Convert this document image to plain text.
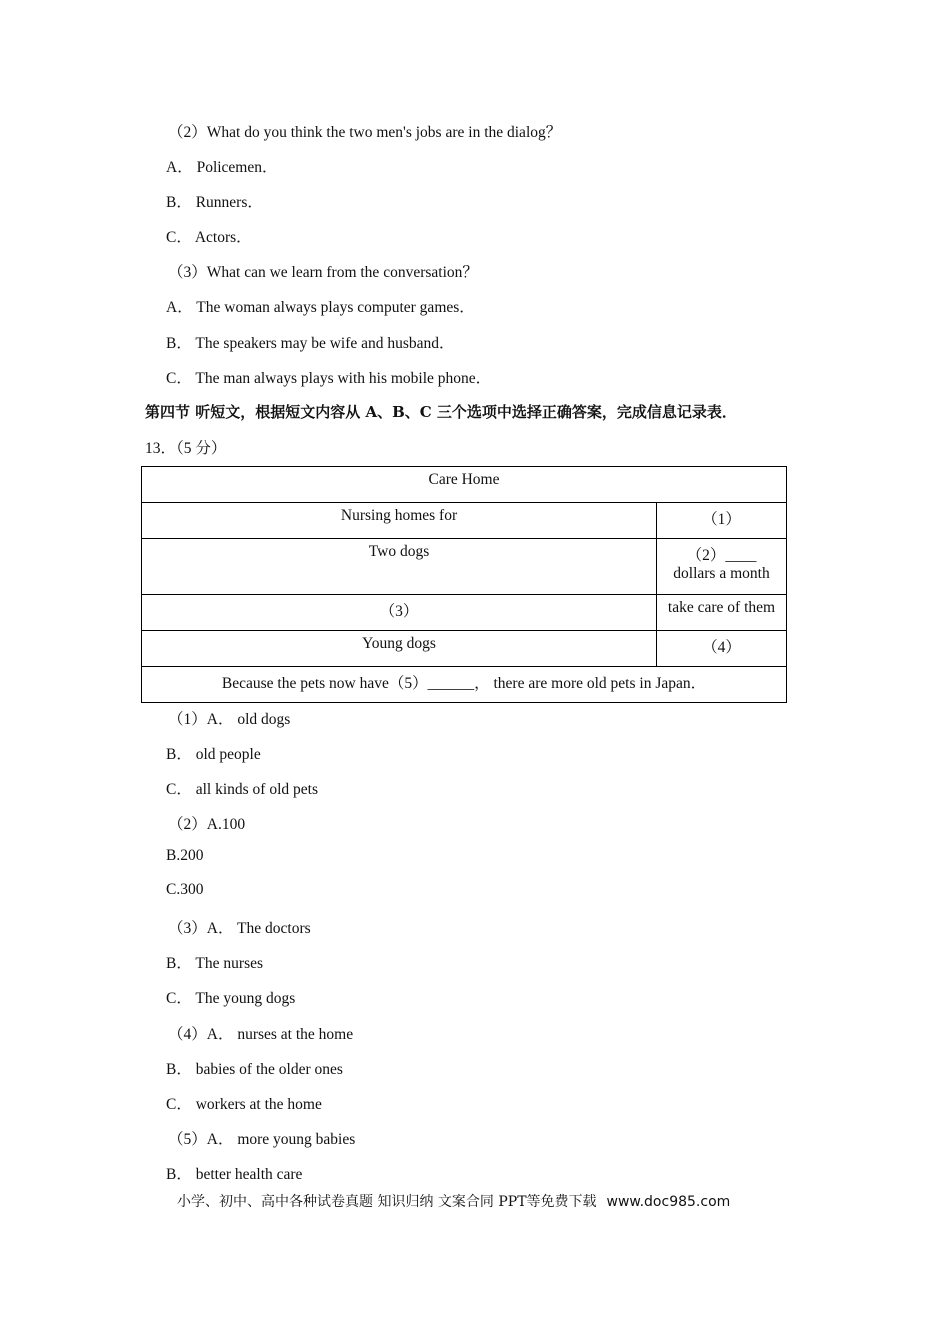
（2）What do you think the two men's jobs are in the dialog？
A． Policemen．
B． Runners．
C． Actors．
（3）What can we learn from the conversation？
A． The woman always plays computer games．
B． The speakers may be wife and husband．
C． The man always plays with his mobile phone．
第四节 听短文，根据短文内容从 A、B、C 三个选项中选择正确答案，完成信息记录表．
13．（5 分）
Care Home	
Nursing homes for	（1）
Two dogs	（2）____
dollars a month

（3）	take care of them
Young dogs	（4）
Because the pets now have（5）______， there are more old pets in Japan．	
（1）A． old dogs
B． old people
C． all kinds of old pets
（2）A.100
B.200
C.300
（3）A． The doctors
B． The nurses
C． The young dogs
（4）A． nurses at the home
B． babies of the older ones
C． workers at the home
（5）A． more young babies
B． better health care
小学、初中、高中各种试卷真题 知识归纳 文案合同 PPT等免费下载 www.doc985.com
